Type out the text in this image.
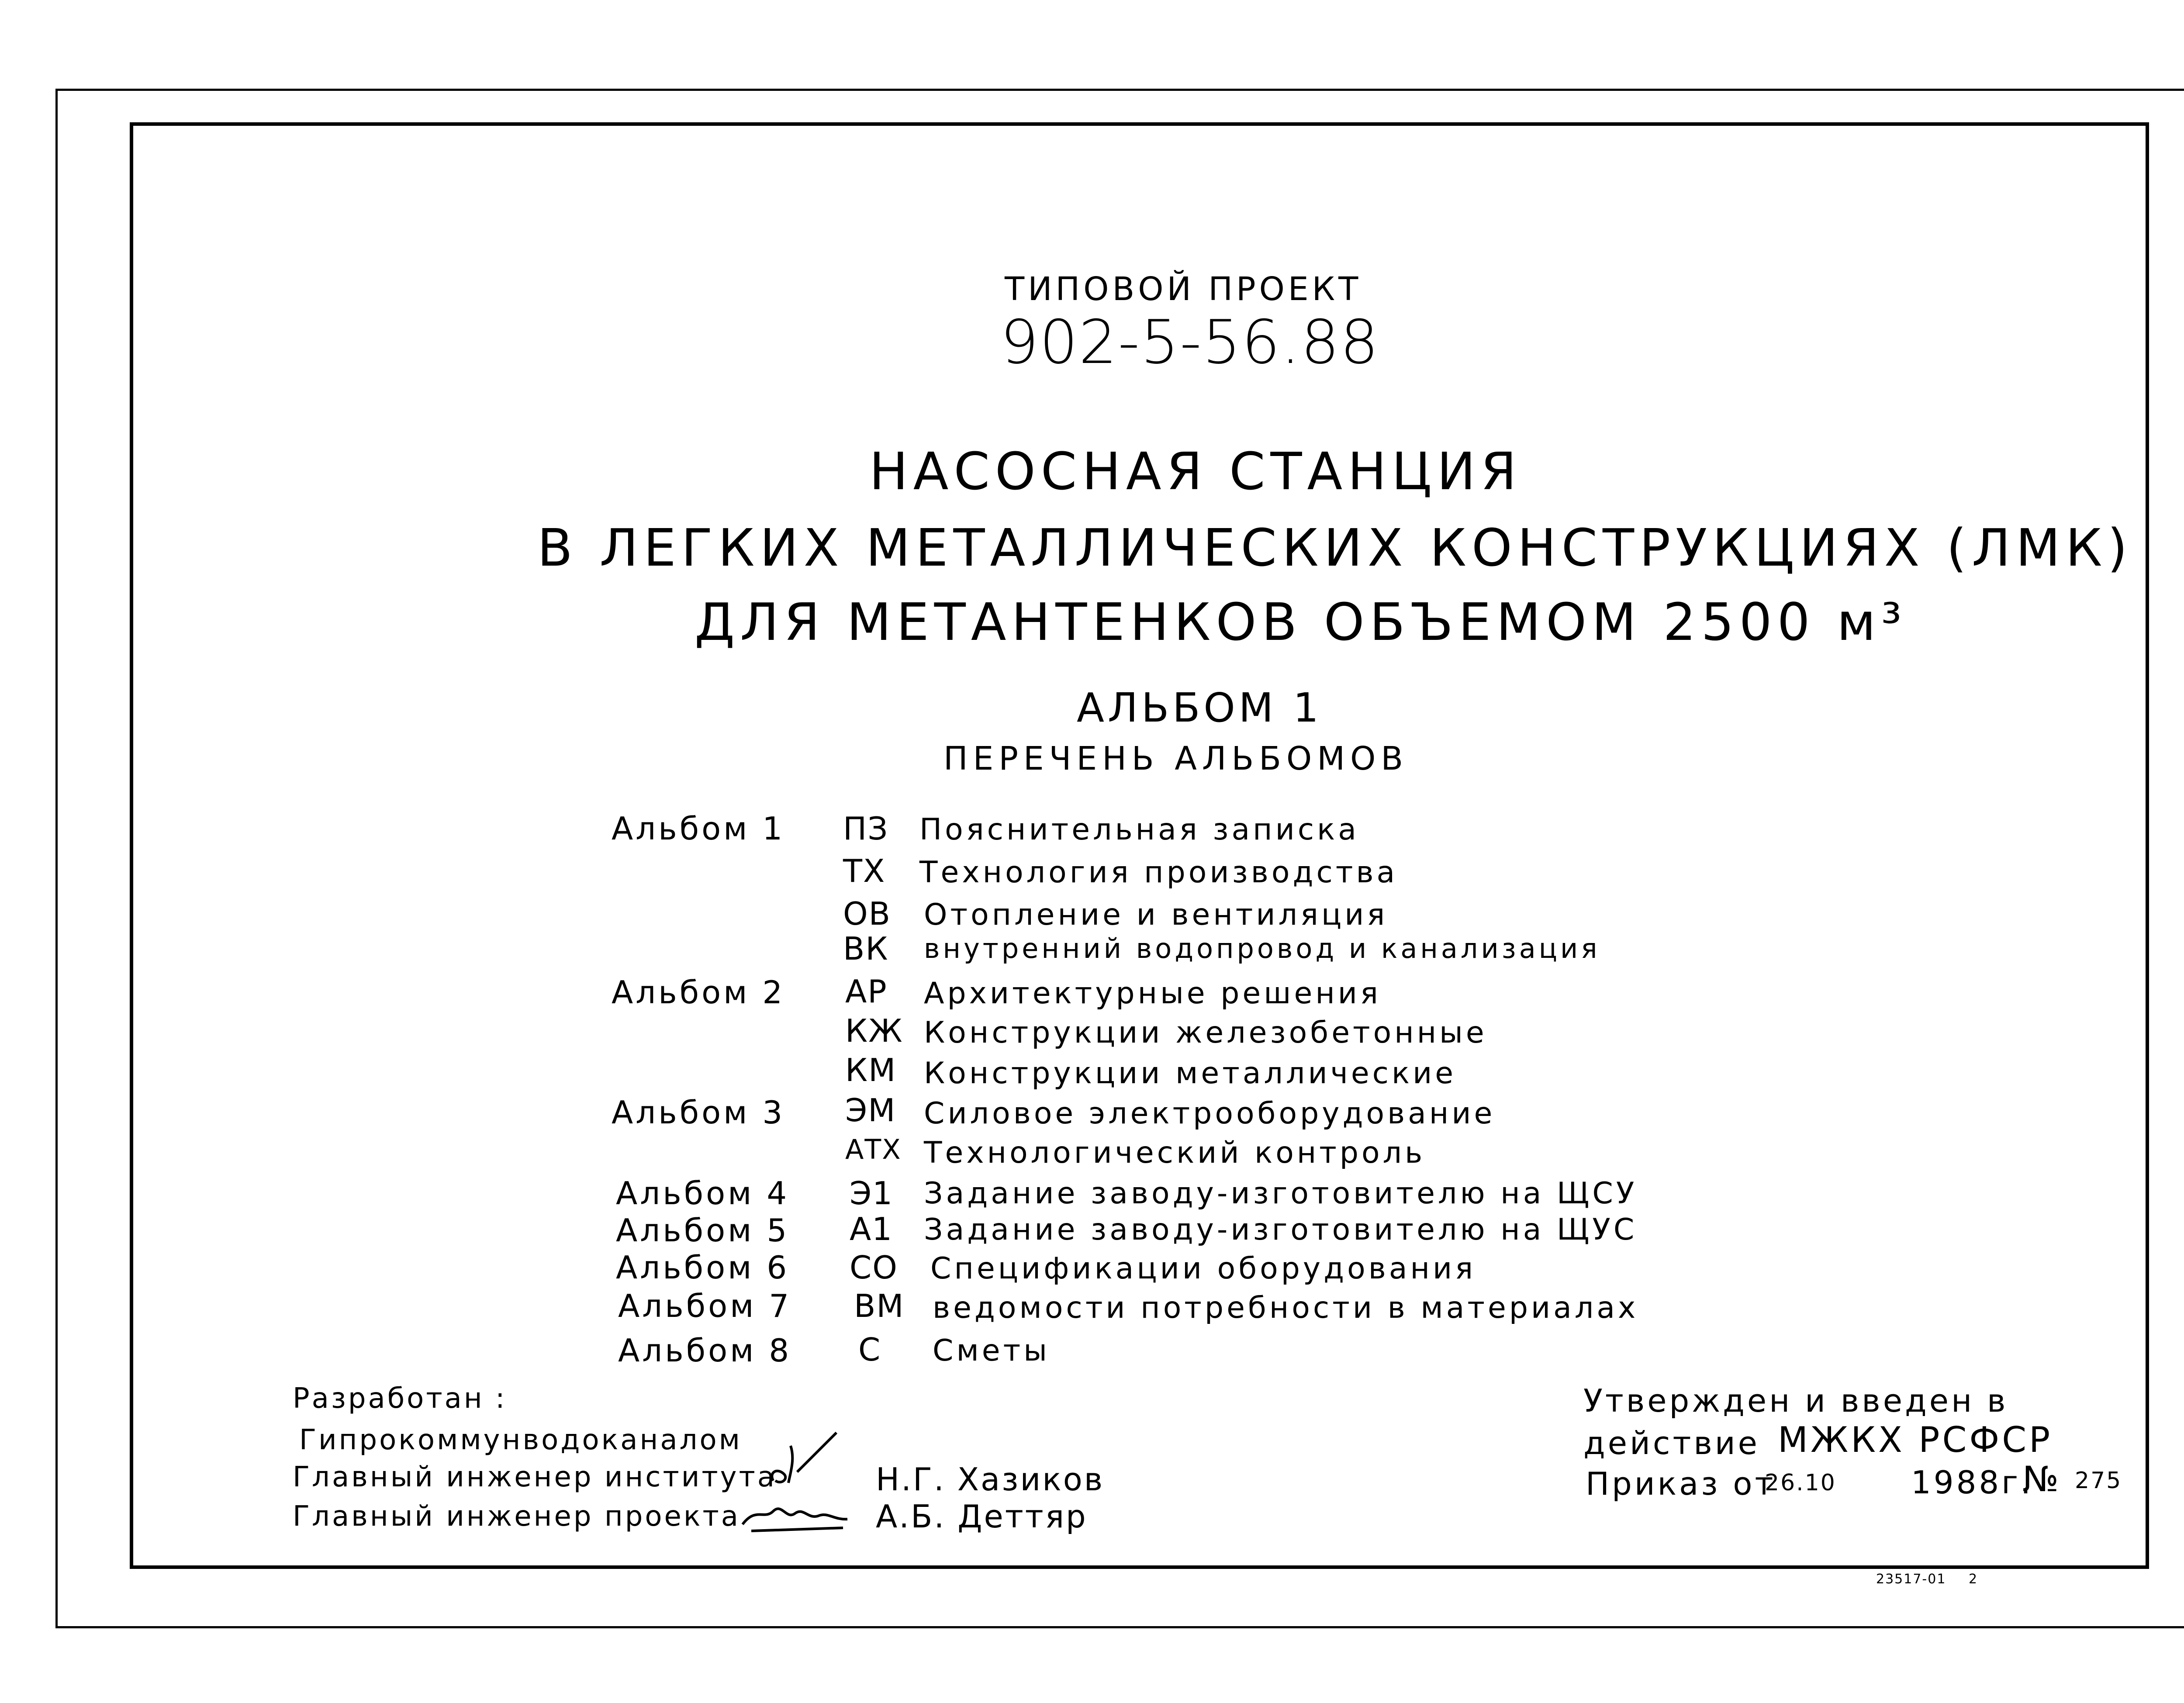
ТИПОВОЙ ПРОЕКТ
902-5-56.88
НАСОСНАЯ СТАНЦИЯ
В ЛЕГКИХ МЕТАЛЛИЧЕСКИХ КОНСТРУКЦИЯХ (ЛМК)
ДЛЯ МЕТАНТЕНКОВ ОБЪЕМОМ 2500 м³
АЛЬБОМ 1
ПЕРЕЧЕНЬ АЛЬБОМОВ
Альбом 1 ПЗ Пояснительная записка
ТХ Технология производства
ОВ Отопление и вентиляция
ВК внутренний водопровод и канализация
Альбом 2 АР Архитектурные решения
КЖ Конструкции железобетонные
КМ Конструкции металлические
Альбом 3 ЭМ Силовое электрооборудование
АТХ Технологический контроль
Альбом 4 Э1 Задание заводу-изготовителю на ЩСУ
Альбом 5 А1 Задание заводу-изготовителю на ЩУС
Альбом 6 СО Спецификации оборудования
Альбом 7 ВМ ведомости потребности в материалах
Альбом 8 С Сметы
Разработан :
Гипрокоммунводоканалом
Главный инженер института
Главный инженер проекта
Н.Г. Хазиков
А.Б. Деттяр
Утвержден и введен в
действие МЖКХ РСФСР
Приказ от
26.10 1988г.
№ 275
23517-01 2
